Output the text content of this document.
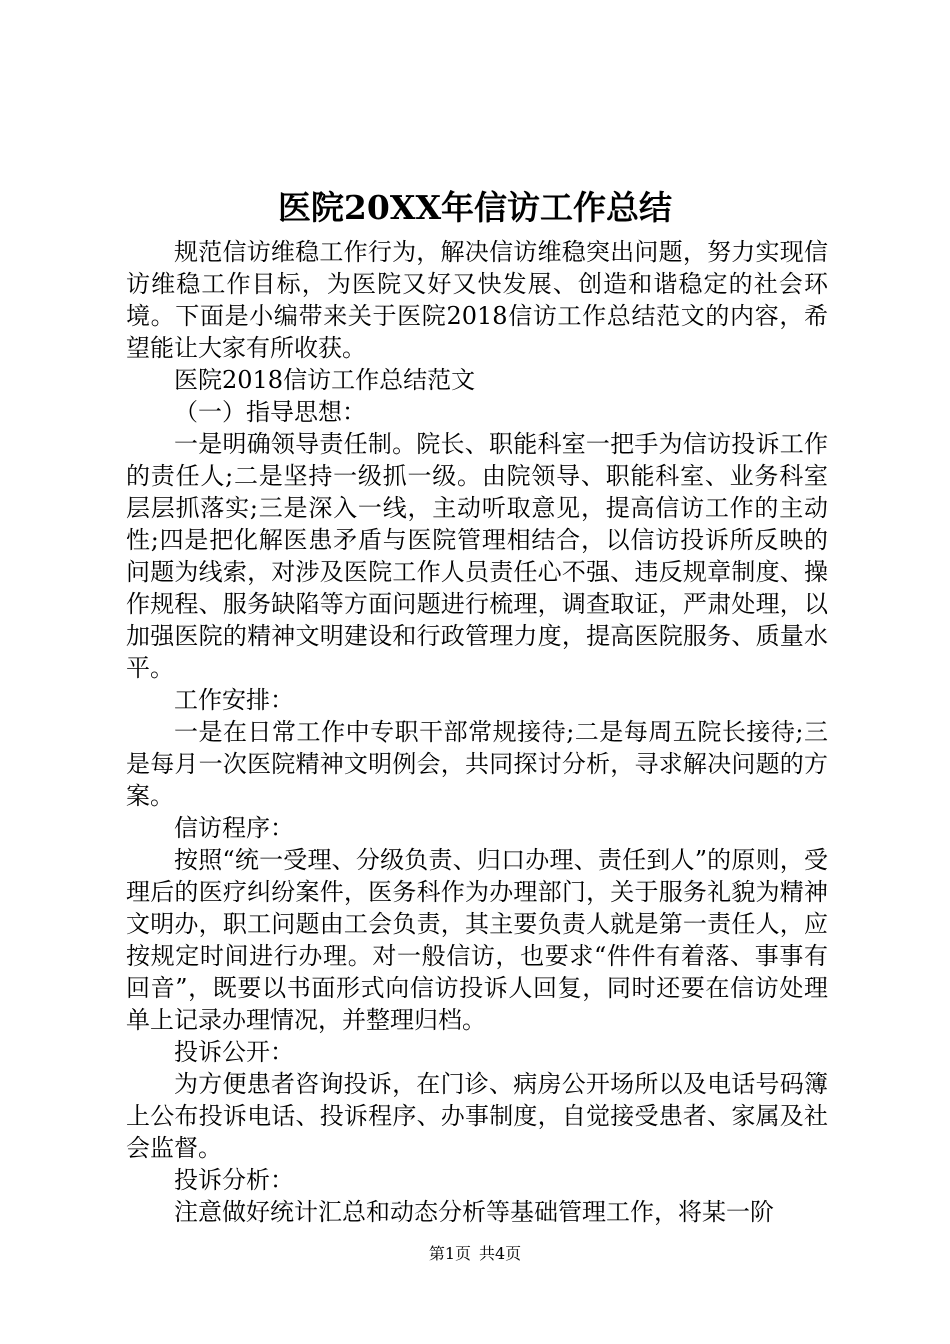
医院20XX年信访工作总结

规范信访维稳工作行为，解决信访维稳突出问题，努力实现信访维稳工作目标，为医院又好又快发展、创造和谐稳定的社会环境。下面是小编带来关于医院2018信访工作总结范文的内容，希望能让大家有所收获。

医院2018信访工作总结范文

（一）指导思想：

一是明确领导责任制。院长、职能科室一把手为信访投诉工作的责任人;二是坚持一级抓一级。由院领导、职能科室、业务科室层层抓落实;三是深入一线，主动听取意见，提高信访工作的主动性;四是把化解医患矛盾与医院管理相结合，以信访投诉所反映的问题为线索，对涉及医院工作人员责任心不强、违反规章制度、操作规程、服务缺陷等方面问题进行梳理，调查取证，严肃处理，以加强医院的精神文明建设和行政管理力度，提高医院服务、质量水平。

工作安排：

一是在日常工作中专职干部常规接待;二是每周五院长接待;三是每月一次医院精神文明例会，共同探讨分析，寻求解决问题的方案。

信访程序：

按照“统一受理、分级负责、归口办理、责任到人”的原则，受理后的医疗纠纷案件，医务科作为办理部门，关于服务礼貌为精神文明办，职工问题由工会负责，其主要负责人就是第一责任人，应按规定时间进行办理。对一般信访，也要求“件件有着落、事事有回音”，既要以书面形式向信访投诉人回复，同时还要在信访处理单上记录办理情况，并整理归档。

投诉公开：

为方便患者咨询投诉，在门诊、病房公开场所以及电话号码簿上公布投诉电话、投诉程序、办事制度，自觉接受患者、家属及社会监督。

投诉分析：

注意做好统计汇总和动态分析等基础管理工作，将某一阶

第1页 共4页
